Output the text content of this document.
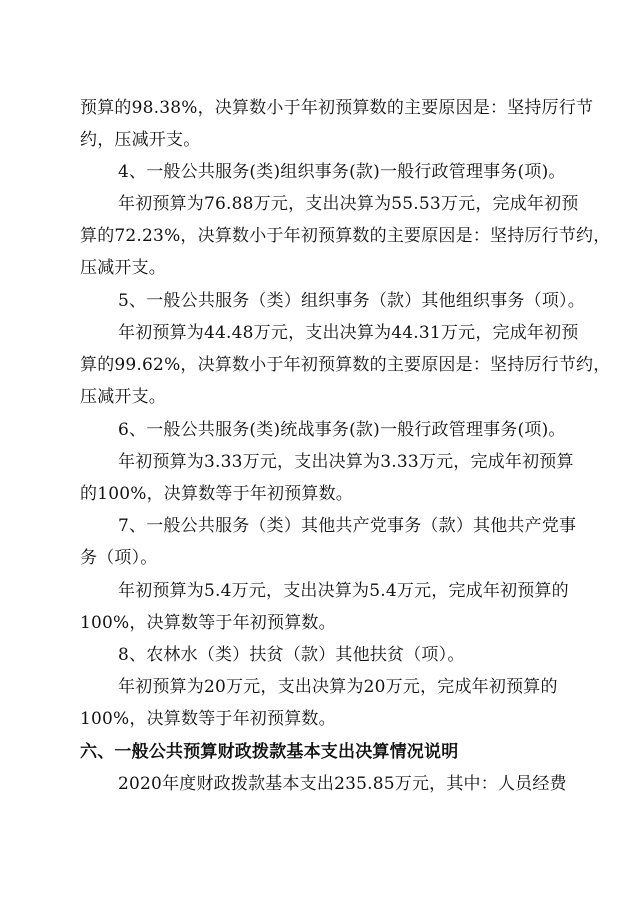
预算的98.38%，决算数小于年初预算数的主要原因是：坚持厉行节
约，压减开支。
4、一般公共服务(类)组织事务(款)一般行政管理事务(项)。
年初预算为76.88万元，支出决算为55.53万元，完成年初预
算的72.23%，决算数小于年初预算数的主要原因是：坚持厉行节约，
压减开支。
5、一般公共服务（类）组织事务（款）其他组织事务（项）。
年初预算为44.48万元，支出决算为44.31万元，完成年初预
算的99.62%，决算数小于年初预算数的主要原因是：坚持厉行节约，
压减开支。
6、一般公共服务(类)统战事务(款)一般行政管理事务(项)。
年初预算为3.33万元，支出决算为3.33万元，完成年初预算
的100%，决算数等于年初预算数。
7、一般公共服务（类）其他共产党事务（款）其他共产党事
务（项）。
年初预算为5.4万元，支出决算为5.4万元，完成年初预算的
100%，决算数等于年初预算数。
8、农林水（类）扶贫（款）其他扶贫（项）。
年初预算为20万元，支出决算为20万元，完成年初预算的
100%，决算数等于年初预算数。
六、一般公共预算财政拨款基本支出决算情况说明
2020年度财政拨款基本支出235.85万元，其中：人员经费
